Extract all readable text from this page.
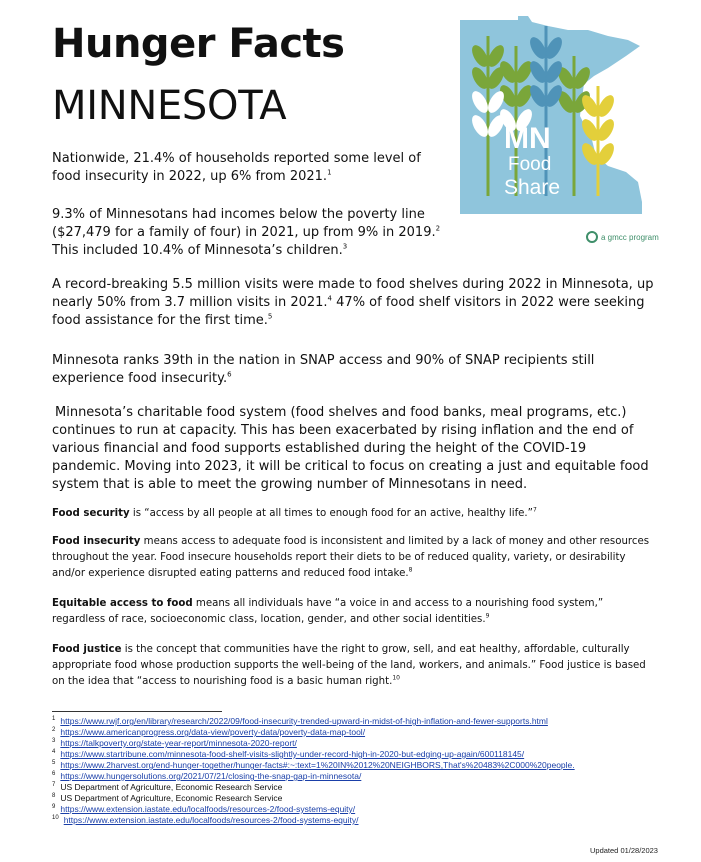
Hunger Facts
MINNESOTA
MN
Food
Share
a gmcc program
Nationwide, 21.4% of households reported some level of food insecurity in 2022, up 6% from 2021.$^1$
9.3% of Minnesotans had incomes below the poverty line ($27,479 for a family of four) in 2021, up from 9% in 2019.$^2$ This included 10.4% of Minnesota’s children.$^3$
A record-breaking 5.5 million visits were made to food shelves during 2022 in Minnesota, up nearly 50% from 3.7 million visits in 2021.$^4$ 47% of food shelf visitors in 2022 were seeking food assistance for the first time.$^5$
Minnesota ranks 39th in the nation in SNAP access and 90% of SNAP recipients still experience food insecurity.$^6$
Minnesota’s charitable food system (food shelves and food banks, meal programs, etc.) continues to run at capacity. This has been exacerbated by rising inflation and the end of various financial and food supports established during the height of the COVID-19 pandemic. Moving into 2023, it will be critical to focus on creating a just and equitable food system that is able to meet the growing number of Minnesotans in need.
Food security is “access by all people at all times to enough food for an active, healthy life.”$^7$
Food insecurity means access to adequate food is inconsistent and limited by a lack of money and other resources throughout the year. Food insecure households report their diets to be of reduced quality, variety, or desirability and/or experience disrupted eating patterns and reduced food intake.$^8$
Equitable access to food means all individuals have “a voice in and access to a nourishing food system,” regardless of race, socioeconomic class, location, gender, and other social identities.$^9$
Food justice is the concept that communities have the right to grow, sell, and eat healthy, affordable, culturally appropriate food whose production supports the well-being of the land, workers, and animals.” Food justice is based on the idea that “access to nourishing food is a basic human right.$^{10}$
$^1$ https://www.rwjf.org/en/library/research/2022/09/food-insecurity-trended-upward-in-midst-of-high-inflation-and-fewer-supports.html
$^2$ https://www.americanprogress.org/data-view/poverty-data/poverty-data-map-tool/
$^3$ https://talkpoverty.org/state-year-report/minnesota-2020-report/
$^4$ https://www.startribune.com/minnesota-food-shelf-visits-slightly-under-record-high-in-2020-but-edging-up-again/600118145/
$^5$ https://www.2harvest.org/end-hunger-together/hunger-facts#:~:text=1%20IN%2012%20NEIGHBORS,That's%20483%2C000%20people.
$^6$ https://www.hungersolutions.org/2021/07/21/closing-the-snap-gap-in-minnesota/
$^7$ US Department of Agriculture, Economic Research Service
$^8$ US Department of Agriculture, Economic Research Service
$^9$ https://www.extension.iastate.edu/localfoods/resources-2/food-systems-equity/
$^{10}$ https://www.extension.iastate.edu/localfoods/resources-2/food-systems-equity/
Updated 01/28/2023
